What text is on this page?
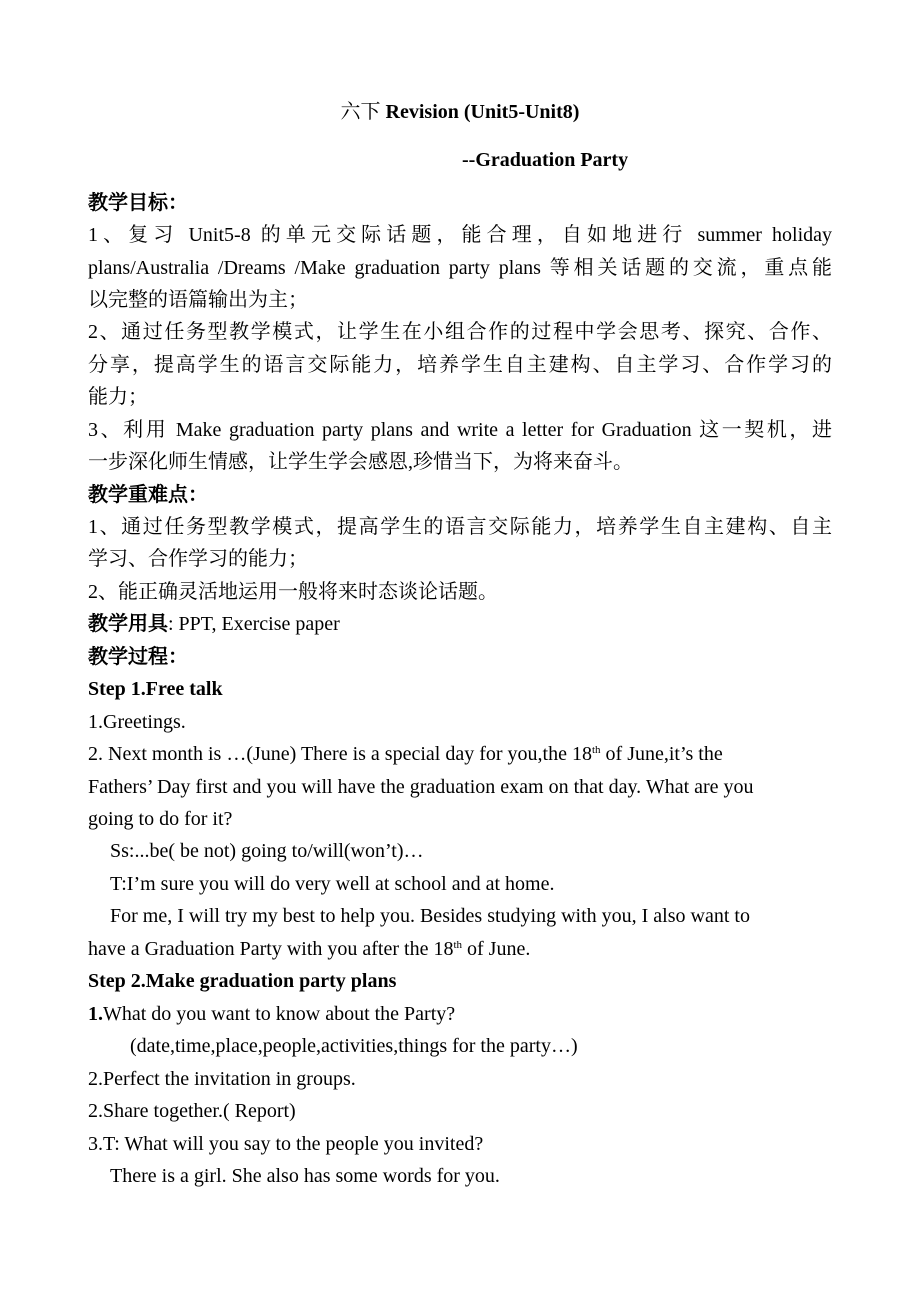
六下 Revision (Unit5-Unit8)
--Graduation Party
教学目标：
1、复习 Unit5-8 的单元交际话题，能合理，自如地进行 summer holiday
plans/Australia /Dreams /Make graduation party plans 等相关话题的交流，重点能
以完整的语篇输出为主；
2、通过任务型教学模式，让学生在小组合作的过程中学会思考、探究、合作、
分享，提高学生的语言交际能力，培养学生自主建构、自主学习、合作学习的
能力；
3、利用 Make graduation party plans and write a letter for Graduation 这一契机，进
一步深化师生情感，让学生学会感恩,珍惜当下，为将来奋斗。
教学重难点：
1、通过任务型教学模式，提高学生的语言交际能力，培养学生自主建构、自主
学习、合作学习的能力；
2、能正确灵活地运用一般将来时态谈论话题。
教学用具: PPT, Exercise paper
教学过程：
Step 1.Free talk
1.Greetings.
2. Next month is …(June) There is a special day for you,the 18th of June,it’s the
Fathers’ Day first and you will have the graduation exam on that day. What are you
going to do for it?
Ss:...be( be not) going to/will(won’t)…
T:I’m sure you will do very well at school and at home.
For me, I will try my best to help you. Besides studying with you, I also want to
have a Graduation Party with you after the 18th of June.
Step 2.Make graduation party plans
1.What do you want to know about the Party?
(date,time,place,people,activities,things for the party…)
2.Perfect the invitation in groups.
2.Share together.( Report)
3.T: What will you say to the people you invited?
There is a girl. She also has some words for you.
